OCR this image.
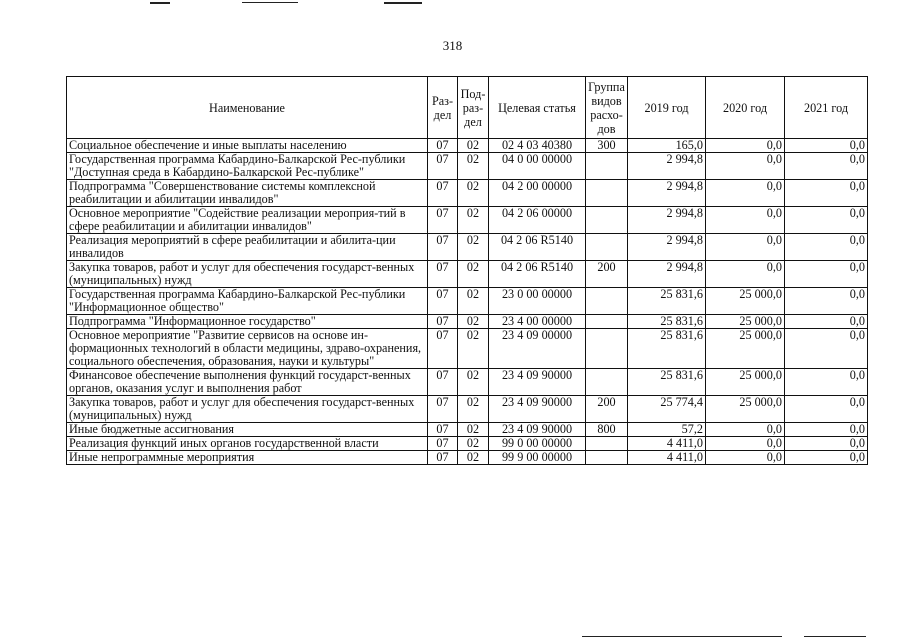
318
Наименование	Раз-дел	Под-раз-дел	Целевая статья	Группа видов расхо-дов	2019 год	2020 год	2021 год
Социальное обеспечение и иные выплаты населению	07	02	02 4 03 40380	300	165,0	0,0	0,0
Государственная программа Кабардино-Балкарской Рес-публики "Доступная среда в Кабардино-Балкарской Рес-публике"	07	02	04 0 00 00000		2 994,8	0,0	0,0
Подпрограмма "Совершенствование системы комплексной реабилитации и абилитации инвалидов"	07	02	04 2 00 00000		2 994,8	0,0	0,0
Основное мероприятие "Содействие реализации мероприя-тий в сфере реабилитации и абилитации инвалидов"	07	02	04 2 06 00000		2 994,8	0,0	0,0
Реализация мероприятий в сфере реабилитации и абилита-ции инвалидов	07	02	04 2 06 R5140		2 994,8	0,0	0,0
Закупка товаров, работ и услуг для обеспечения государст-венных (муниципальных) нужд	07	02	04 2 06 R5140	200	2 994,8	0,0	0,0
Государственная программа Кабардино-Балкарской Рес-публики "Информационное общество"	07	02	23 0 00 00000		25 831,6	25 000,0	0,0
Подпрограмма "Информационное государство"	07	02	23 4 00 00000		25 831,6	25 000,0	0,0
Основное мероприятие "Развитие сервисов на основе ин-формационных технологий в области медицины, здраво-охранения, социального обеспечения, образования, науки и культуры"	07	02	23 4 09 00000		25 831,6	25 000,0	0,0
Финансовое обеспечение выполнения функций государст-венных органов, оказания услуг и выполнения работ	07	02	23 4 09 90000		25 831,6	25 000,0	0,0
Закупка товаров, работ и услуг для обеспечения государст-венных (муниципальных) нужд	07	02	23 4 09 90000	200	25 774,4	25 000,0	0,0
Иные бюджетные ассигнования	07	02	23 4 09 90000	800	57,2	0,0	0,0
Реализация функций иных органов государственной власти	07	02	99 0 00 00000		4 411,0	0,0	0,0
Иные непрограммные мероприятия	07	02	99 9 00 00000		4 411,0	0,0	0,0
